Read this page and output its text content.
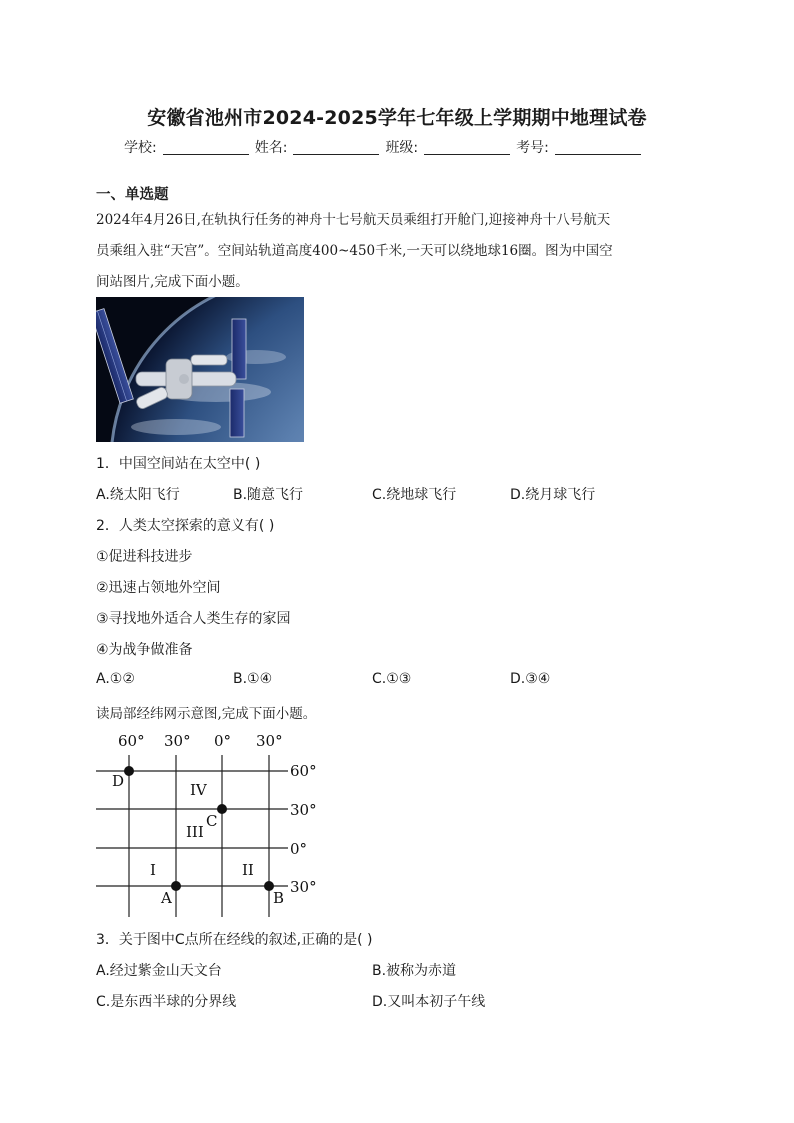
安徽省池州市2024-2025学年七年级上学期期中地理试卷
学校:	姓名:	班级:	考号:
一、单选题
2024年4月26日,在轨执行任务的神舟十七号航天员乘组打开舱门,迎接神舟十八号航天
员乘组入驻“天宫”。空间站轨道高度400~450千米,一天可以绕地球16圈。图为中国空
间站图片,完成下面小题。
1．中国空间站在太空中( )
A.绕太阳飞行	B.随意飞行	C.绕地球飞行	D.绕月球飞行
2．人类太空探索的意义有( )
①促进科技进步
②迅速占领地外空间
③寻找地外适合人类生存的家园
④为战争做准备
A.①②	B.①④	C.①③	D.③④
读局部经纬网示意图,完成下面小题。
60° 30° 0° 30°
60°
30°
0°
30°
IV
III
I	II
D
C
A	B
3．关于图中C点所在经线的叙述,正确的是( )
A.经过紫金山天文台	B.被称为赤道
C.是东西半球的分界线	D.又叫本初子午线
